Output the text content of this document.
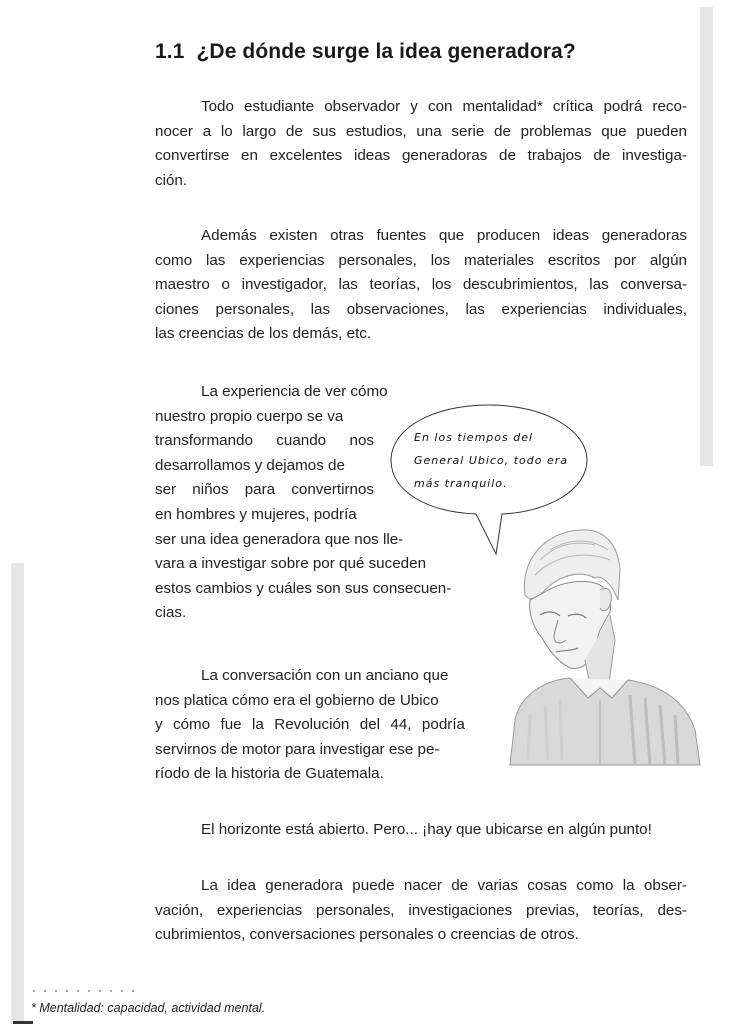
1.1 ¿De dónde surge la idea generadora?
Todo estudiante observador y con mentalidad* crítica podrá reco-
nocer a lo largo de sus estudios, una serie de problemas que pueden
convertirse en excelentes ideas generadoras de trabajos de investiga-
ción.
Además existen otras fuentes que producen ideas generadoras
como las experiencias personales, los materiales escritos por algún
maestro o investigador, las teorías, los descubrimientos, las conversa-
ciones personales, las observaciones, las experiencias individuales,
las creencias de los demás, etc.
La experiencia de ver cómo
nuestro propio cuerpo se va
transformando cuando nos
desarrollamos y dejamos de
ser niños para convertirnos
en hombres y mujeres, podría
ser una idea generadora que nos lle-
vara a investigar sobre por qué suceden
estos cambios y cuáles son sus consecuen-
cias.
La conversación con un anciano que
nos platica cómo era el gobierno de Ubico
y cómo fue la Revolución del 44, podría
servirnos de motor para investigar ese pe-
ríodo de la historia de Guatemala.
El horizonte está abierto. Pero... ¡hay que ubicarse en algún punto!
La idea generadora puede nacer de varias cosas como la obser-
vación, experiencias personales, investigaciones previas, teorías, des-
cubrimientos, conversaciones personales o creencias de otros.
En los tiempos del
General Ubico, todo era
más tranquilo.

* Mentalidad: capacidad, actividad mental.
